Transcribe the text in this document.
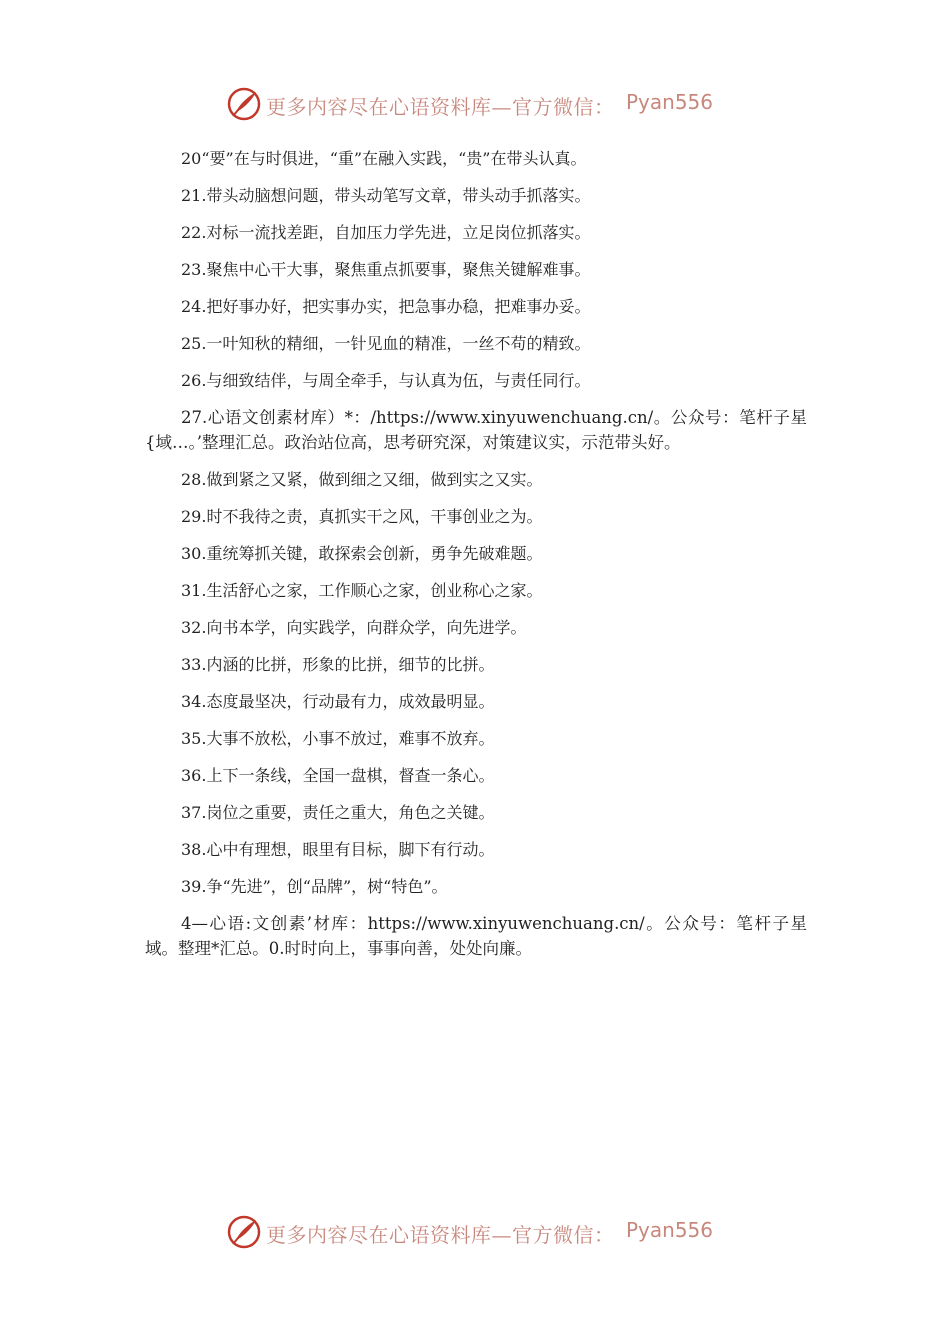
更多内容尽在心语资料库—官方微信： Pyan556
20“要”在与时俱进，“重”在融入实践，“贵”在带头认真。
21.带头动脑想问题，带头动笔写文章，带头动手抓落实。
22.对标一流找差距，自加压力学先进，立足岗位抓落实。
23.聚焦中心干大事，聚焦重点抓要事，聚焦关键解难事。
24.把好事办好，把实事办实，把急事办稳，把难事办妥。
25.一叶知秋的精细，一针见血的精准，一丝不苟的精致。
26.与细致结伴，与周全牵手，与认真为伍，与责任同行。
27.心语文创素材库）*：/https://www.xinyuwenchuang.cn/。公众号：笔杆子星{域…。’整理汇总。政治站位高，思考研究深，对策建议实，示范带头好。
28.做到紧之又紧，做到细之又细，做到实之又实。
29.时不我待之责，真抓实干之风，干事创业之为。
30.重统筹抓关键，敢探索会创新，勇争先破难题。
31.生活舒心之家，工作顺心之家，创业称心之家。
32.向书本学，向实践学，向群众学，向先进学。
33.内涵的比拼，形象的比拼，细节的比拼。
34.态度最坚决，行动最有力，成效最明显。
35.大事不放松，小事不放过，难事不放弃。
36.上下一条线，全国一盘棋，督查一条心。
37.岗位之重要，责任之重大，角色之关键。
38.心中有理想，眼里有目标，脚下有行动。
39.争“先进”，创“品牌”，树“特色”。
4—心语:文创素’材库：https://www.xinyuwenchuang.cn/。公众号：笔杆子星域。整理*汇总。0.时时向上，事事向善，处处向廉。
更多内容尽在心语资料库—官方微信： Pyan556
